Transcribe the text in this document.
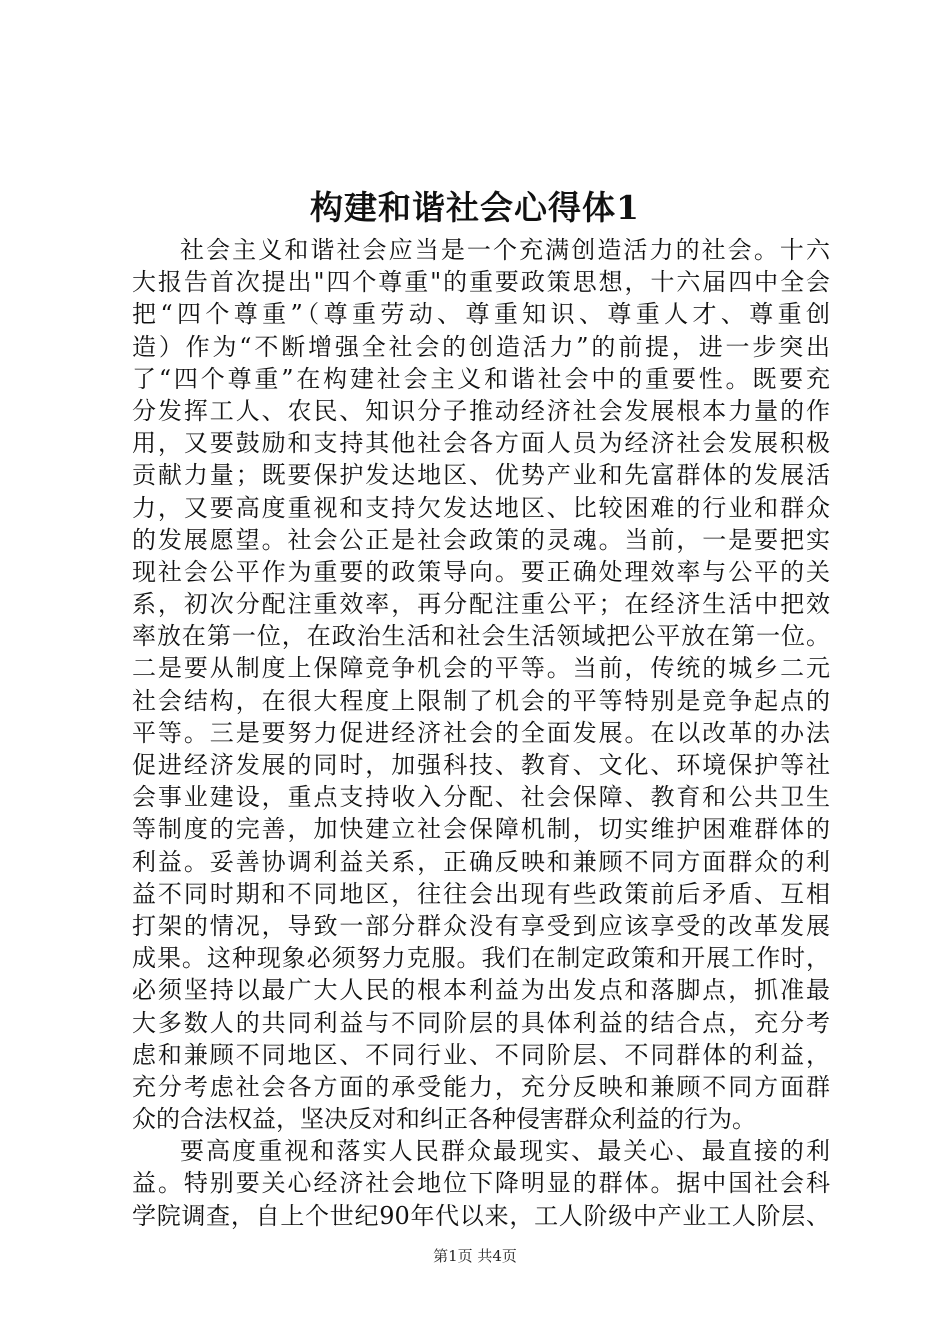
构建和谐社会心得体1
社会主义和谐社会应当是一个充满创造活力的社会。十六
大报告首次提出"四个尊重"的重要政策思想，十六届四中全会
把“四个尊重”（尊重劳动、尊重知识、尊重人才、尊重创
造）作为“不断增强全社会的创造活力”的前提，进一步突出
了“四个尊重”在构建社会主义和谐社会中的重要性。既要充
分发挥工人、农民、知识分子推动经济社会发展根本力量的作
用，又要鼓励和支持其他社会各方面人员为经济社会发展积极
贡献力量；既要保护发达地区、优势产业和先富群体的发展活
力，又要高度重视和支持欠发达地区、比较困难的行业和群众
的发展愿望。社会公正是社会政策的灵魂。当前，一是要把实
现社会公平作为重要的政策导向。要正确处理效率与公平的关
系，初次分配注重效率，再分配注重公平；在经济生活中把效
率放在第一位，在政治生活和社会生活领域把公平放在第一位。
二是要从制度上保障竞争机会的平等。当前，传统的城乡二元
社会结构，在很大程度上限制了机会的平等特别是竞争起点的
平等。三是要努力促进经济社会的全面发展。在以改革的办法
促进经济发展的同时，加强科技、教育、文化、环境保护等社
会事业建设，重点支持收入分配、社会保障、教育和公共卫生
等制度的完善，加快建立社会保障机制，切实维护困难群体的
利益。妥善协调利益关系，正确反映和兼顾不同方面群众的利
益不同时期和不同地区，往往会出现有些政策前后矛盾、互相
打架的情况，导致一部分群众没有享受到应该享受的改革发展
成果。这种现象必须努力克服。我们在制定政策和开展工作时，
必须坚持以最广大人民的根本利益为出发点和落脚点，抓准最
大多数人的共同利益与不同阶层的具体利益的结合点，充分考
虑和兼顾不同地区、不同行业、不同阶层、不同群体的利益，
充分考虑社会各方面的承受能力，充分反映和兼顾不同方面群
众的合法权益，坚决反对和纠正各种侵害群众利益的行为。
要高度重视和落实人民群众最现实、最关心、最直接的利
益。特别要关心经济社会地位下降明显的群体。据中国社会科
学院调查，自上个世纪90年代以来，工人阶级中产业工人阶层、
第1页 共4页
